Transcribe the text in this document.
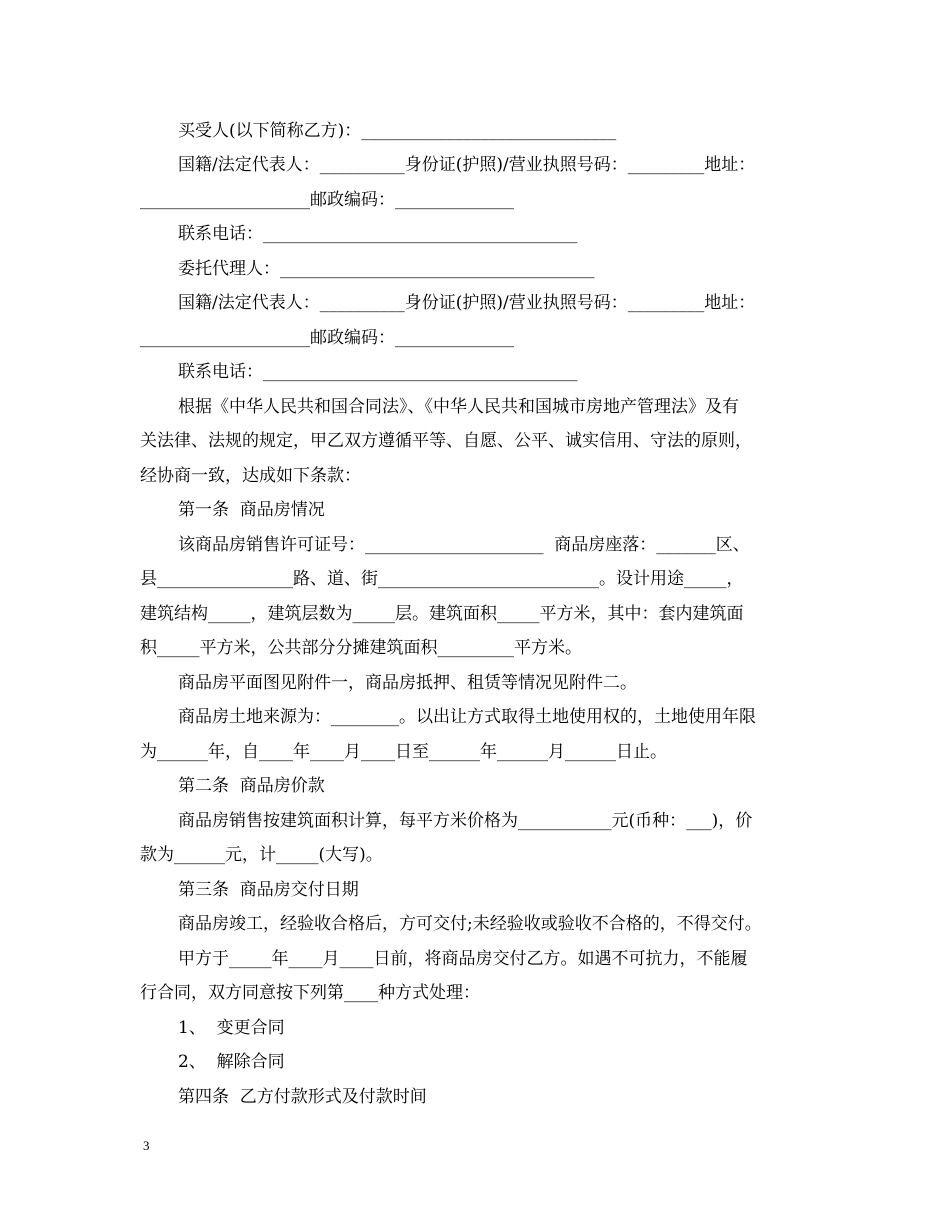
买受人(以下简称乙方)：______________________________
国籍/法定代表人：__________身份证(护照)/营业执照号码：_________地址：
____________________邮政编码：______________
联系电话：_____________________________________
委托代理人：_____________________________________
国籍/法定代表人：__________身份证(护照)/营业执照号码：_________地址：
____________________邮政编码：______________
联系电话：_____________________________________
根据《中华人民共和国合同法》、《中华人民共和国城市房地产管理法》及有
关法律、法规的规定，甲乙双方遵循平等、自愿、公平、诚实信用、守法的原则，
经协商一致，达成如下条款：
第一条  商品房情况
该商品房销售许可证号：_____________________  商品房座落：_______区、
县________________路、道、街__________________________。设计用途_____，
建筑结构_____，建筑层数为_____层。建筑面积_____平方米，其中：套内建筑面
积_____平方米，公共部分分摊建筑面积_________平方米。
商品房平面图见附件一，商品房抵押、租赁等情况见附件二。
商品房土地来源为：________。以出让方式取得土地使用权的，土地使用年限
为______年，自____年____月____日至______年______月______日止。
第二条  商品房价款
商品房销售按建筑面积计算，每平方米价格为___________元(币种：___)，价
款为______元，计_____(大写)。
第三条  商品房交付日期
商品房竣工，经验收合格后，方可交付;未经验收或验收不合格的，不得交付。
甲方于_____年____月____日前，将商品房交付乙方。如遇不可抗力，不能履
行合同，双方同意按下列第____种方式处理：
1、  变更合同
2、  解除合同
第四条  乙方付款形式及付款时间
3
